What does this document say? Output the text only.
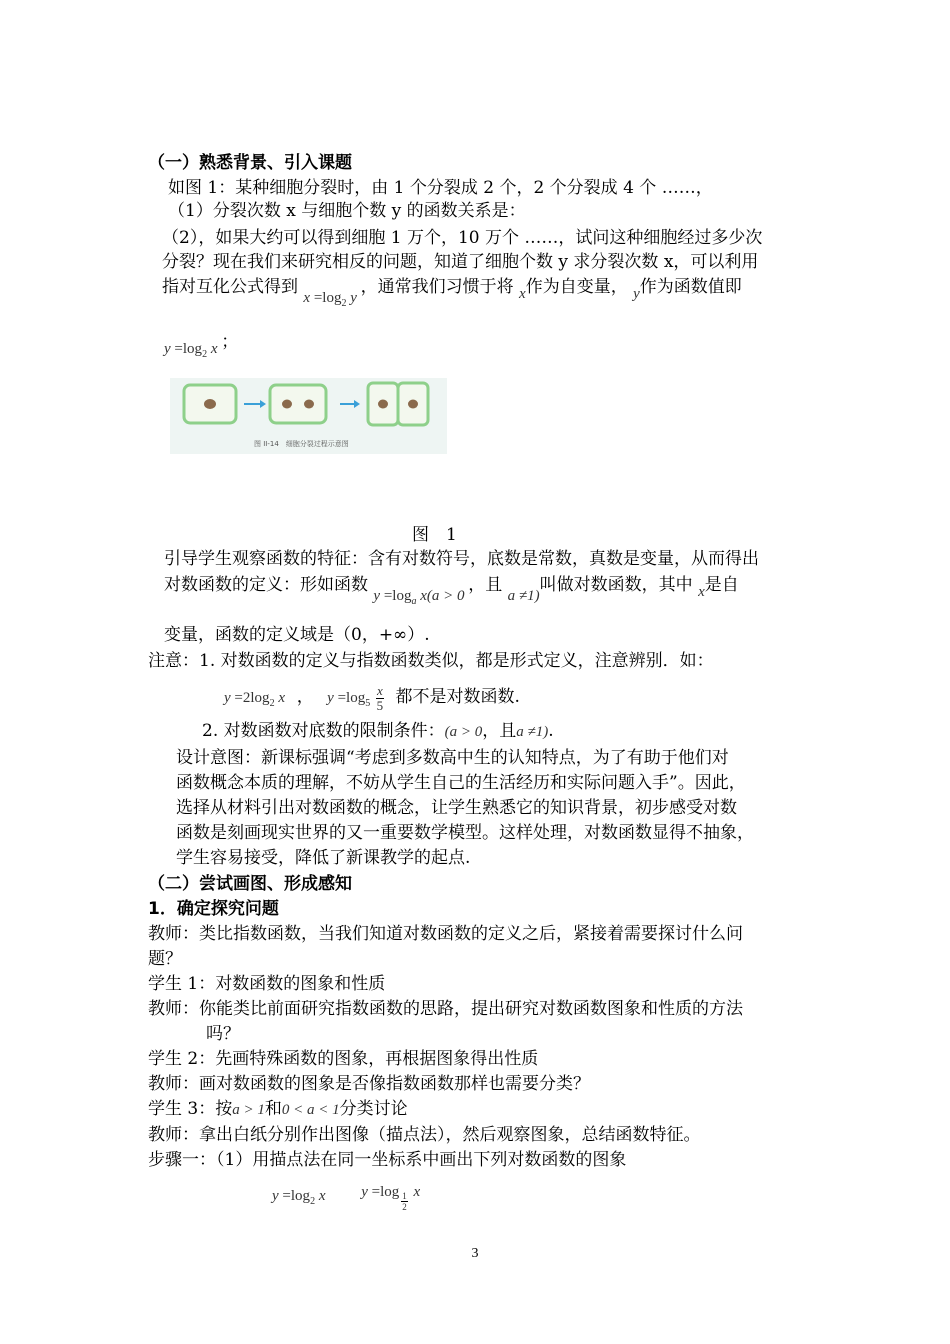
（一）熟悉背景、引入课题
如图 1：某种细胞分裂时，由 1 个分裂成 2 个，2 个分裂成 4 个 ……，
（1）分裂次数 x 与细胞个数 y 的函数关系是：
（2），如果大约可以得到细胞 1 万个，10 万个 ……，试问这种细胞经过多少次
分裂？现在我们来研究相反的问题，知道了细胞个数 y 求分裂次数 x，可以利用
指对互化公式得到 $x =\log_2$ y ，通常我们习惯于将 x作为自变量， y作为函数值即
$y =\log_2$ x ；
图 II-14　细胞分裂过程示意图
图　1
引导学生观察函数的特征：含有对数符号，底数是常数，真数是变量，从而得出
对数函数的定义：形如函数 $y =\log_a$ x(a > 0 ，且 a ≠1)叫做对数函数，其中 x是自
变量，函数的定义域是（0，+∞）.
注意：1. 对数函数的定义与指数函数类似，都是形式定义，注意辨别．如：
$y =2\log_2$ x ， $y =\log_5 \frac{x}{5}$ 都不是对数函数.
2. 对数函数对底数的限制条件：(a > 0，且a ≠1).
设计意图：新课标强调“考虑到多数高中生的认知特点，为了有助于他们对
函数概念本质的理解，不妨从学生自己的生活经历和实际问题入手”。因此，
选择从材料引出对数函数的概念，让学生熟悉它的知识背景，初步感受对数
函数是刻画现实世界的又一重要数学模型。这样处理，对数函数显得不抽象，
学生容易接受，降低了新课教学的起点.
（二）尝试画图、形成感知
1．确定探究问题
教师：类比指数函数，当我们知道对数函数的定义之后，紧接着需要探讨什么问
题？
学生 1：对数函数的图象和性质
教师：你能类比前面研究指数函数的思路，提出研究对数函数图象和性质的方法
吗？
学生 2：先画特殊函数的图象，再根据图象得出性质
教师：画对数函数的图象是否像指数函数那样也需要分类？
学生 3：按a > 1和0 < a < 1分类讨论
教师：拿出白纸分别作出图像（描点法），然后观察图象，总结函数特征。
步骤一：（1）用描点法在同一坐标系中画出下列对数函数的图象
$y =\log_2$ x $y =\log \frac{1}{2}$ x
3
